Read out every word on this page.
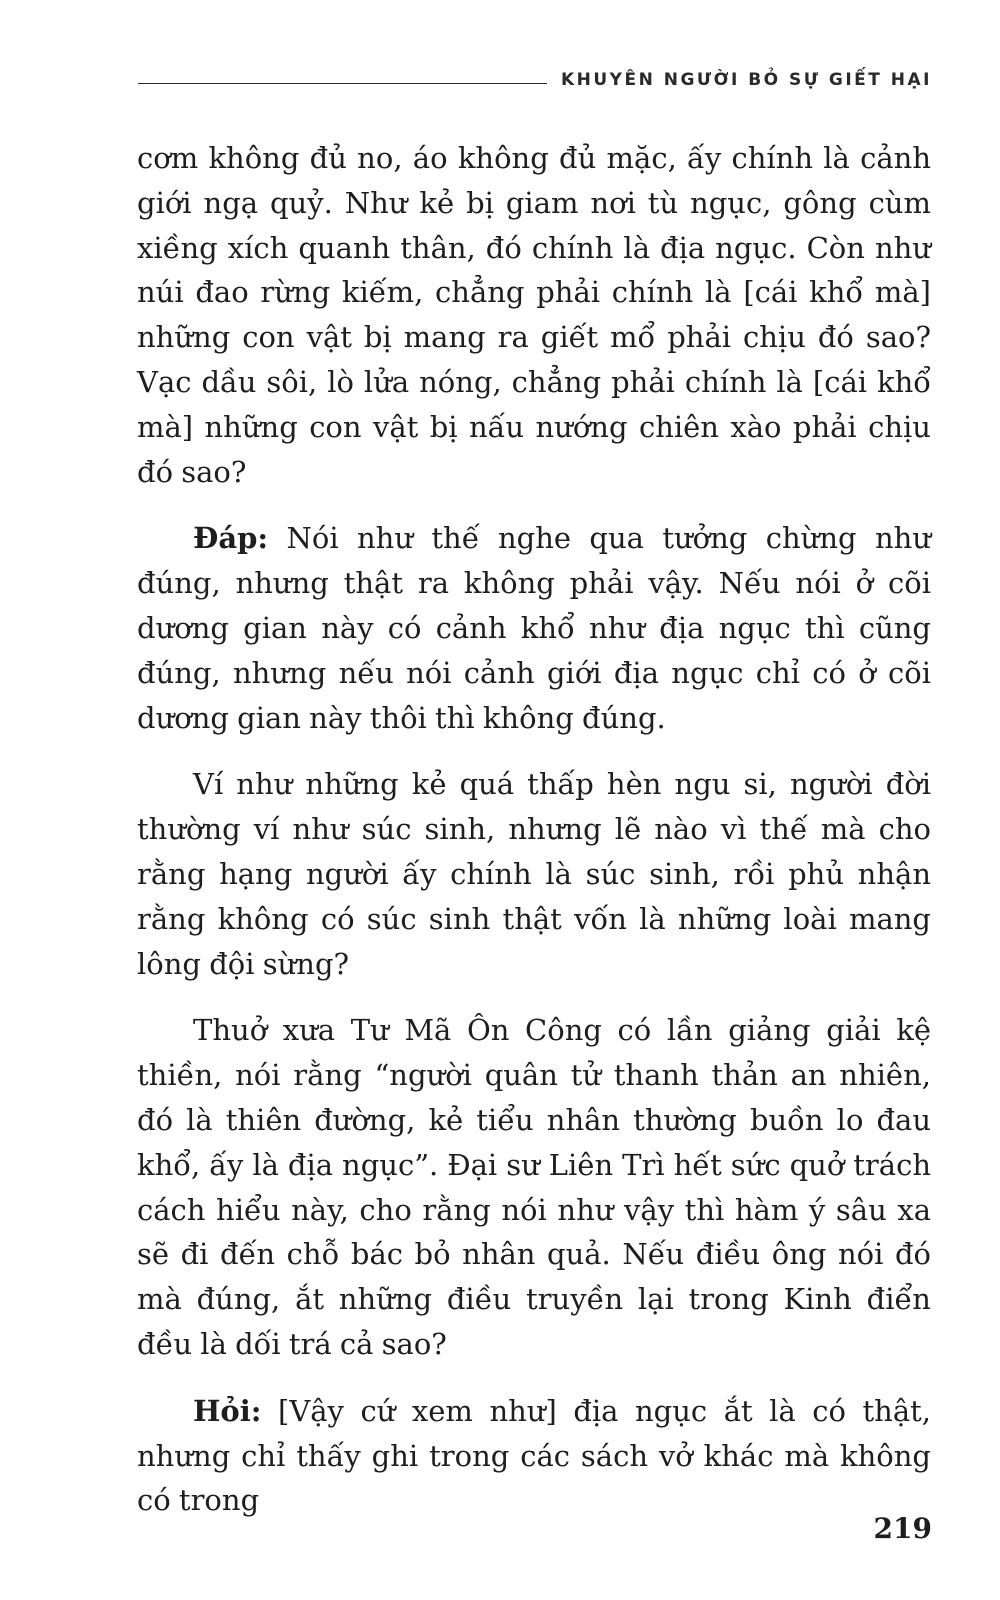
KHUYÊN NGƯỜI BỎ SỰ GIẾT HẠI

cơm không đủ no, áo không đủ mặc, ấy chính là cảnh giới ngạ quỷ. Như kẻ bị giam nơi tù ngục, gông cùm xiềng xích quanh thân, đó chính là địa ngục. Còn như núi đao rừng kiếm, chẳng phải chính là [cái khổ mà] những con vật bị mang ra giết mổ phải chịu đó sao? Vạc dầu sôi, lò lửa nóng, chẳng phải chính là [cái khổ mà] những con vật bị nấu nướng chiên xào phải chịu đó sao?

Đáp: Nói như thế nghe qua tưởng chừng như đúng, nhưng thật ra không phải vậy. Nếu nói ở cõi dương gian này có cảnh khổ như địa ngục thì cũng đúng, nhưng nếu nói cảnh giới địa ngục chỉ có ở cõi dương gian này thôi thì không đúng.

Ví như những kẻ quá thấp hèn ngu si, người đời thường ví như súc sinh, nhưng lẽ nào vì thế mà cho rằng hạng người ấy chính là súc sinh, rồi phủ nhận rằng không có súc sinh thật vốn là những loài mang lông đội sừng?

Thuở xưa Tư Mã Ôn Công có lần giảng giải kệ thiền, nói rằng “người quân tử thanh thản an nhiên, đó là thiên đường, kẻ tiểu nhân thường buồn lo đau khổ, ấy là địa ngục”. Đại sư Liên Trì hết sức quở trách cách hiểu này, cho rằng nói như vậy thì hàm ý sâu xa sẽ đi đến chỗ bác bỏ nhân quả. Nếu điều ông nói đó mà đúng, ắt những điều truyền lại trong Kinh điển đều là dối trá cả sao?

Hỏi: [Vậy cứ xem như] địa ngục ắt là có thật, nhưng chỉ thấy ghi trong các sách vở khác mà không có trong

219
